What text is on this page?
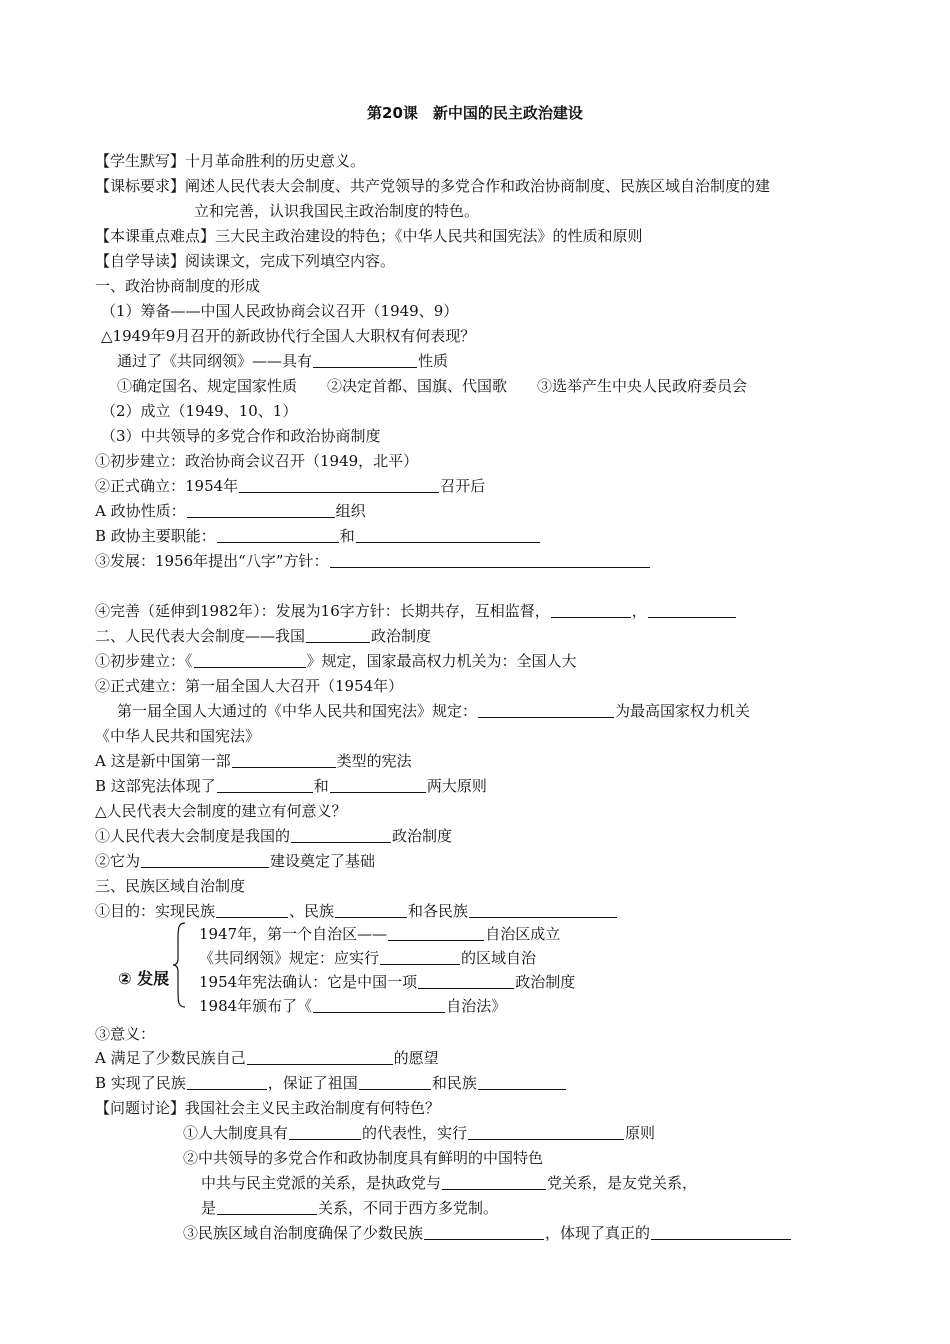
第20课　新中国的民主政治建设
【学生默写】十月革命胜利的历史意义。
【课标要求】阐述人民代表大会制度、共产党领导的多党合作和政治协商制度、民族区域自治制度的建
立和完善，认识我国民主政治制度的特色。
【本课重点难点】三大民主政治建设的特色；《中华人民共和国宪法》的性质和原则
【自学导读】阅读课文，完成下列填空内容。
一、政治协商制度的形成
（1）筹备——中国人民政协商会议召开（1949、9）
△1949年9月召开的新政协代行全国人大职权有何表现？
通过了《共同纲领》——具有	性质
①确定国名、规定国家性质　　②决定首都、国旗、代国歌　　③选举产生中央人民政府委员会
（2）成立（1949、10、1）
（3）中共领导的多党合作和政治协商制度
①初步建立：政治协商会议召开（1949，北平）
②正式确立：1954年	召开后
A 政协性质：	组织
B 政协主要职能：	和
③发展：1956年提出“八字”方针：
④完善（延伸到1982年）：发展为16字方针：长期共存，互相监督，	，
二、人民代表大会制度——我国	政治制度
①初步建立：《	》规定，国家最高权力机关为：全国人大
②正式建立：第一届全国人大召开（1954年）
第一届全国人大通过的《中华人民共和国宪法》规定：	为最高国家权力机关
《中华人民共和国宪法》
A 这是新中国第一部	类型的宪法
B 这部宪法体现了	和	两大原则
△人民代表大会制度的建立有何意义？
①人民代表大会制度是我国的	政治制度
②它为	建设奠定了基础
三、民族区域自治制度
①目的：实现民族	、民族	和各民族
② 发展
1947年，第一个自治区——	自治区成立
《共同纲领》规定：应实行	的区域自治
1954年宪法确认：它是中国一项	政治制度
1984年颁布了《	自治法》
③意义：
A 满足了少数民族自己	的愿望
B 实现了民族	，保证了祖国	和民族
【问题讨论】我国社会主义民主政治制度有何特色？
①人大制度具有	的代表性，实行	原则
②中共领导的多党合作和政协制度具有鲜明的中国特色
中共与民主党派的关系，是执政党与	党关系，是友党关系，
是	关系，不同于西方多党制。
③民族区域自治制度确保了少数民族	，体现了真正的
